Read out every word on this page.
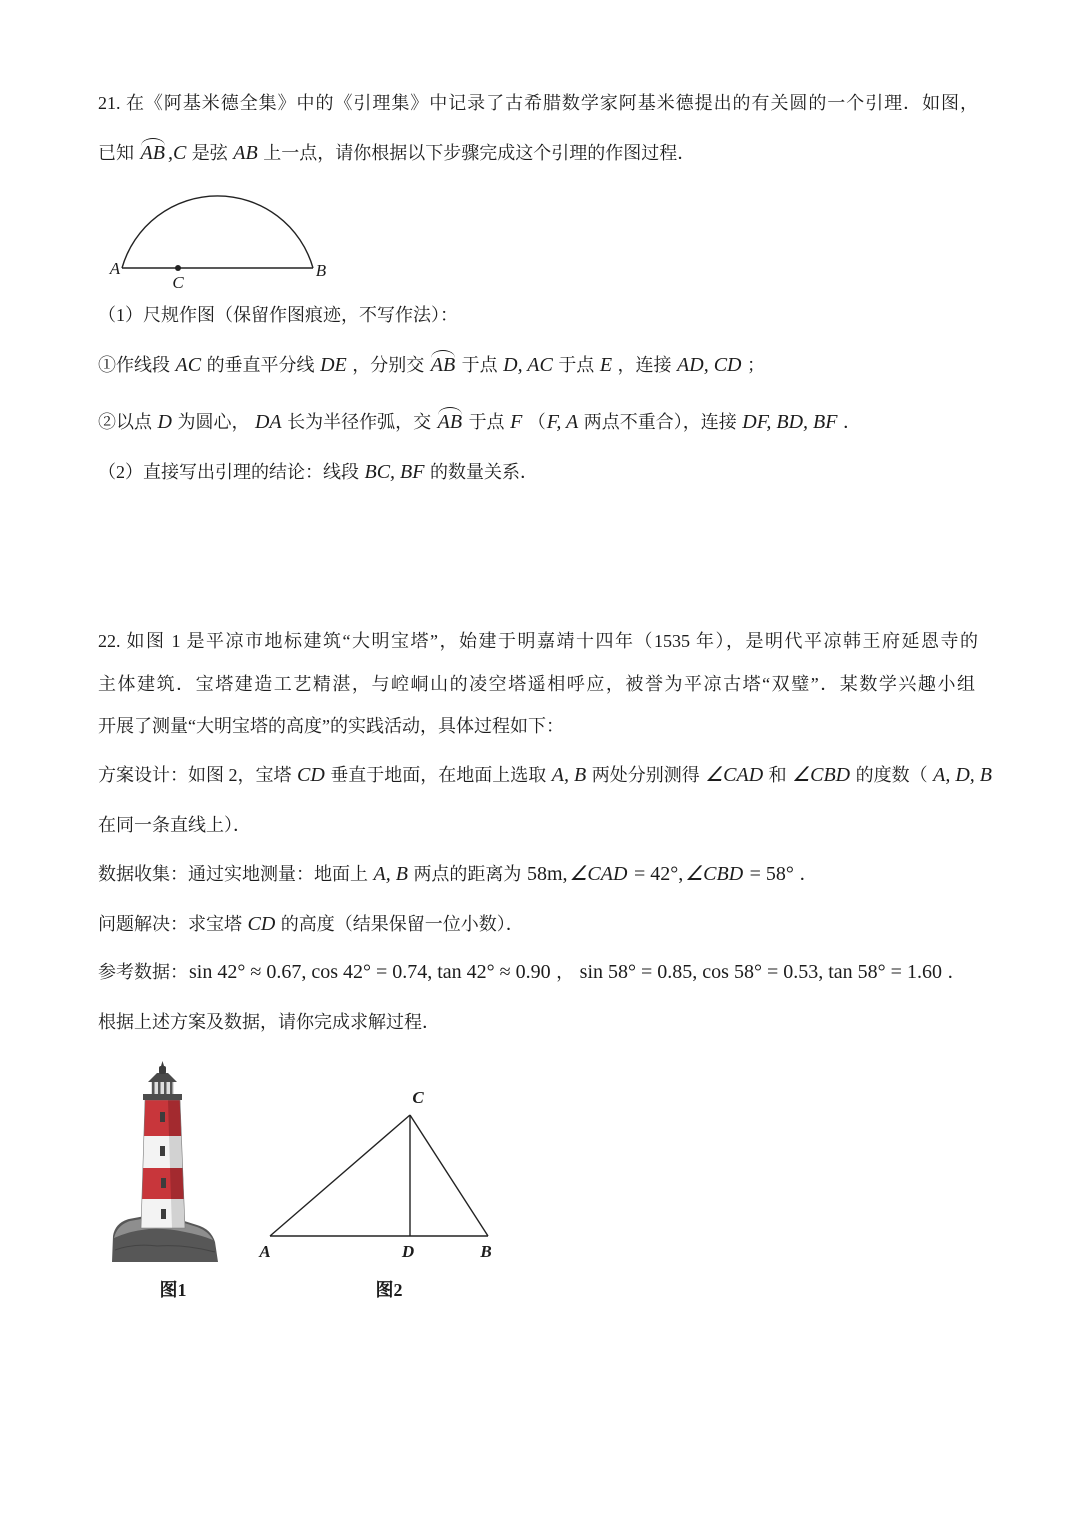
21. 在《阿基米德全集》中的《引理集》中记录了古希腊数学家阿基米德提出的有关圆的一个引理．如图，
已知 AB ,C 是弦 AB 上一点，请你根据以下步骤完成这个引理的作图过程．
A
C
B
（1）尺规作图（保留作图痕迹，不写作法）：
①作线段 AC 的垂直平分线 DE ，分别交 AB 于点 D, AC 于点 E ，连接 AD, CD ；
②以点 D 为圆心， DA 长为半径作弧，交 AB 于点 F （F, A 两点不重合），连接 DF, BD, BF ．
（2）直接写出引理的结论：线段 BC, BF 的数量关系．
22. 如图 1 是平凉市地标建筑“大明宝塔”，始建于明嘉靖十四年（1535 年），是明代平凉韩王府延恩寺的
主体建筑．宝塔建造工艺精湛，与崆峒山的凌空塔遥相呼应，被誉为平凉古塔“双璧”．某数学兴趣小组
开展了测量“大明宝塔的高度”的实践活动，具体过程如下：
方案设计：如图 2，宝塔 CD 垂直于地面，在地面上选取 A, B 两处分别测得 ∠CAD 和 ∠CBD 的度数（ A, D, B
在同一条直线上）．
数据收集：通过实地测量：地面上 A, B 两点的距离为 58m, ∠CAD = 42°, ∠CBD = 58° ．
问题解决：求宝塔 CD 的高度（结果保留一位小数）．
参考数据：sin 42° ≈ 0.67, cos 42° = 0.74, tan 42° ≈ 0.90 ， sin 58° = 0.85, cos 58° = 0.53, tan 58° = 1.60 ．
根据上述方案及数据，请你完成求解过程．
图1
C
A	D	B
图2
